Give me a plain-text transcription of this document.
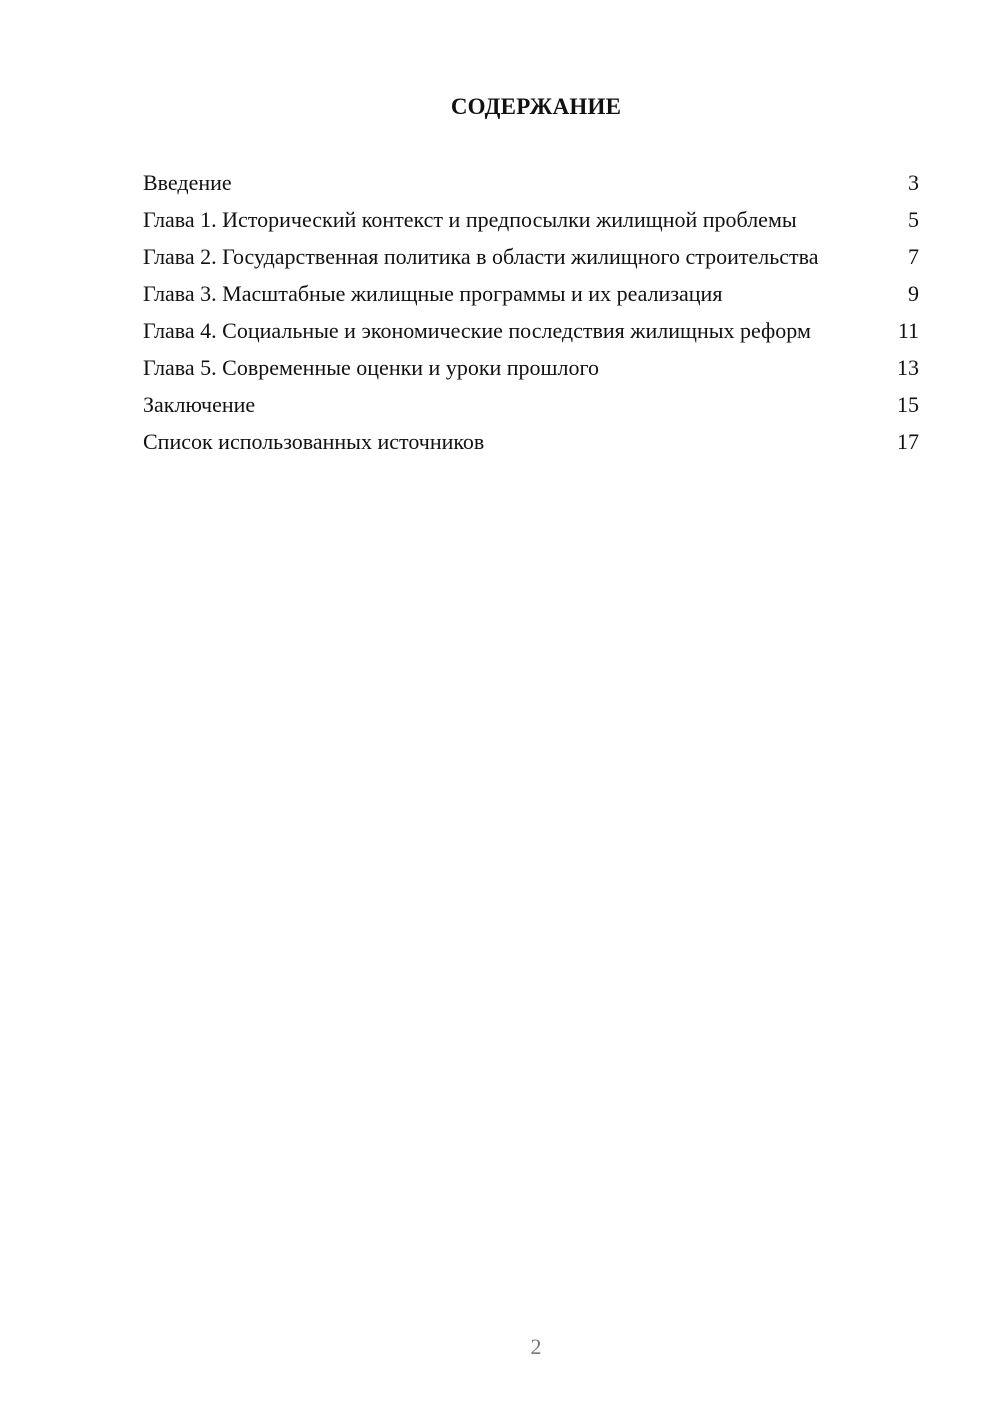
СОДЕРЖАНИЕ
Введение	3
Глава 1. Исторический контекст и предпосылки жилищной проблемы	5
Глава 2. Государственная политика в области жилищного строительства	7
Глава 3. Масштабные жилищные программы и их реализация	9
Глава 4. Социальные и экономические последствия жилищных реформ	11
Глава 5. Современные оценки и уроки прошлого	13
Заключение	15
Список использованных источников	17
2
